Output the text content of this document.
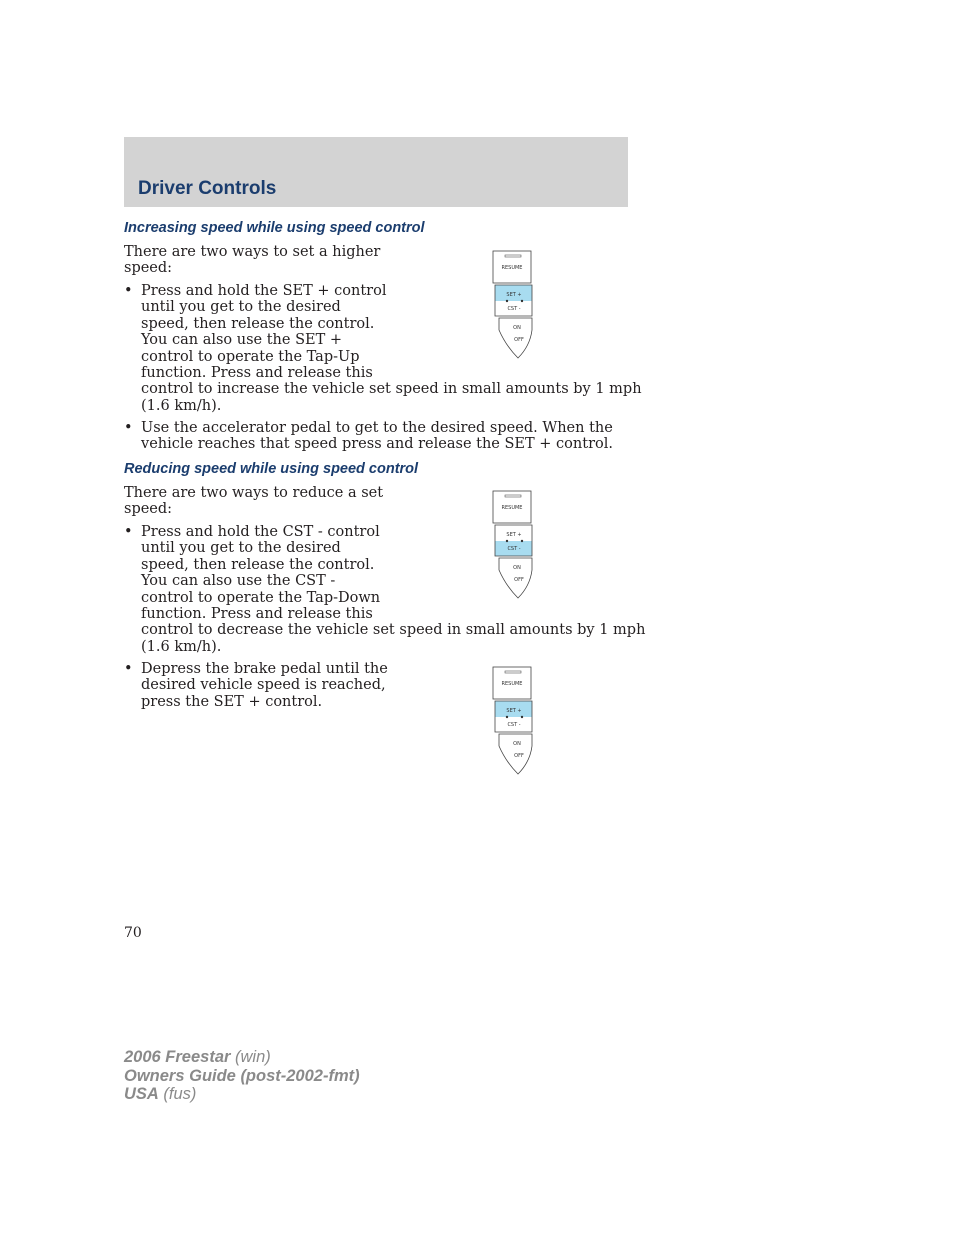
Driver Controls
Increasing speed while using speed control

There are two ways to set a higher
speed:

• Press and hold the SET + control
until you get to the desired
speed, then release the control.
You can also use the SET +
control to operate the Tap-Up
function. Press and release this
control to increase the vehicle set speed in small amounts by 1 mph
(1.6 km/h).

• Use the accelerator pedal to get to the desired speed. When the
vehicle reaches that speed press and release the SET + control.

Reducing speed while using speed control

There are two ways to reduce a set
speed:

• Press and hold the CST - control
until you get to the desired
speed, then release the control.
You can also use the CST -
control to operate the Tap-Down
function. Press and release this
control to decrease the vehicle set speed in small amounts by 1 mph
(1.6 km/h).

• Depress the brake pedal until the
desired vehicle speed is reached,
press the SET + control.

RESUME
SET +
CST -
ON
OFF
RESUME
SET +
CST -
ON
OFF
RESUME
SET +
CST -
ON
OFF
70
2006 Freestar (win)
Owners Guide (post-2002-fmt)
USA (fus)
